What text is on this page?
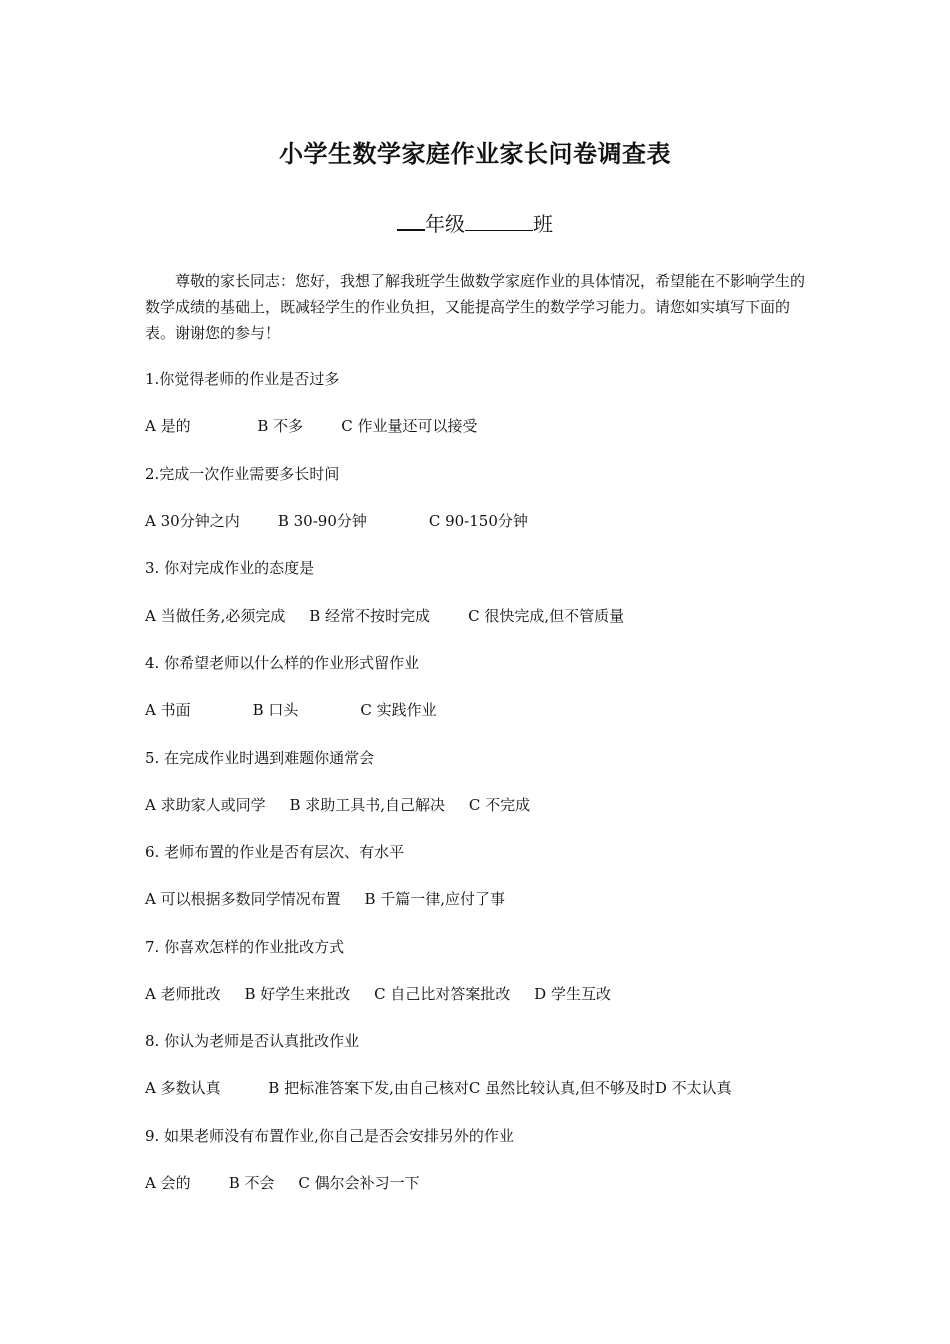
小学生数学家庭作业家长问卷调查表
年级	班
尊敬的家长同志：您好，我想了解我班学生做数学家庭作业的具体情况，希望能在不影响学生的数学成绩的基础上，既减轻学生的作业负担，又能提高学生的数学学习能力。请您如实填写下面的表。谢谢您的参与！
1.你觉得老师的作业是否过多
A 是的              B 不多        C 作业量还可以接受
2.完成一次作业需要多长时间
A 30分钟之内        B 30-90分钟             C 90-150分钟
3. 你对完成作业的态度是
A 当做任务,必须完成     B 经常不按时完成        C 很快完成,但不管质量
4. 你希望老师以什么样的作业形式留作业
A 书面             B 口头             C 实践作业
5. 在完成作业时遇到难题你通常会
A 求助家人或同学     B 求助工具书,自己解决     C 不完成
6. 老师布置的作业是否有层次、有水平
A 可以根据多数同学情况布置     B 千篇一律,应付了事
7. 你喜欢怎样的作业批改方式
A 老师批改     B 好学生来批改     C 自己比对答案批改     D 学生互改
8. 你认为老师是否认真批改作业
A 多数认真          B 把标准答案下发,由自己核对C 虽然比较认真,但不够及时D 不太认真
9. 如果老师没有布置作业,你自己是否会安排另外的作业
A 会的        B 不会     C 偶尔会补习一下
